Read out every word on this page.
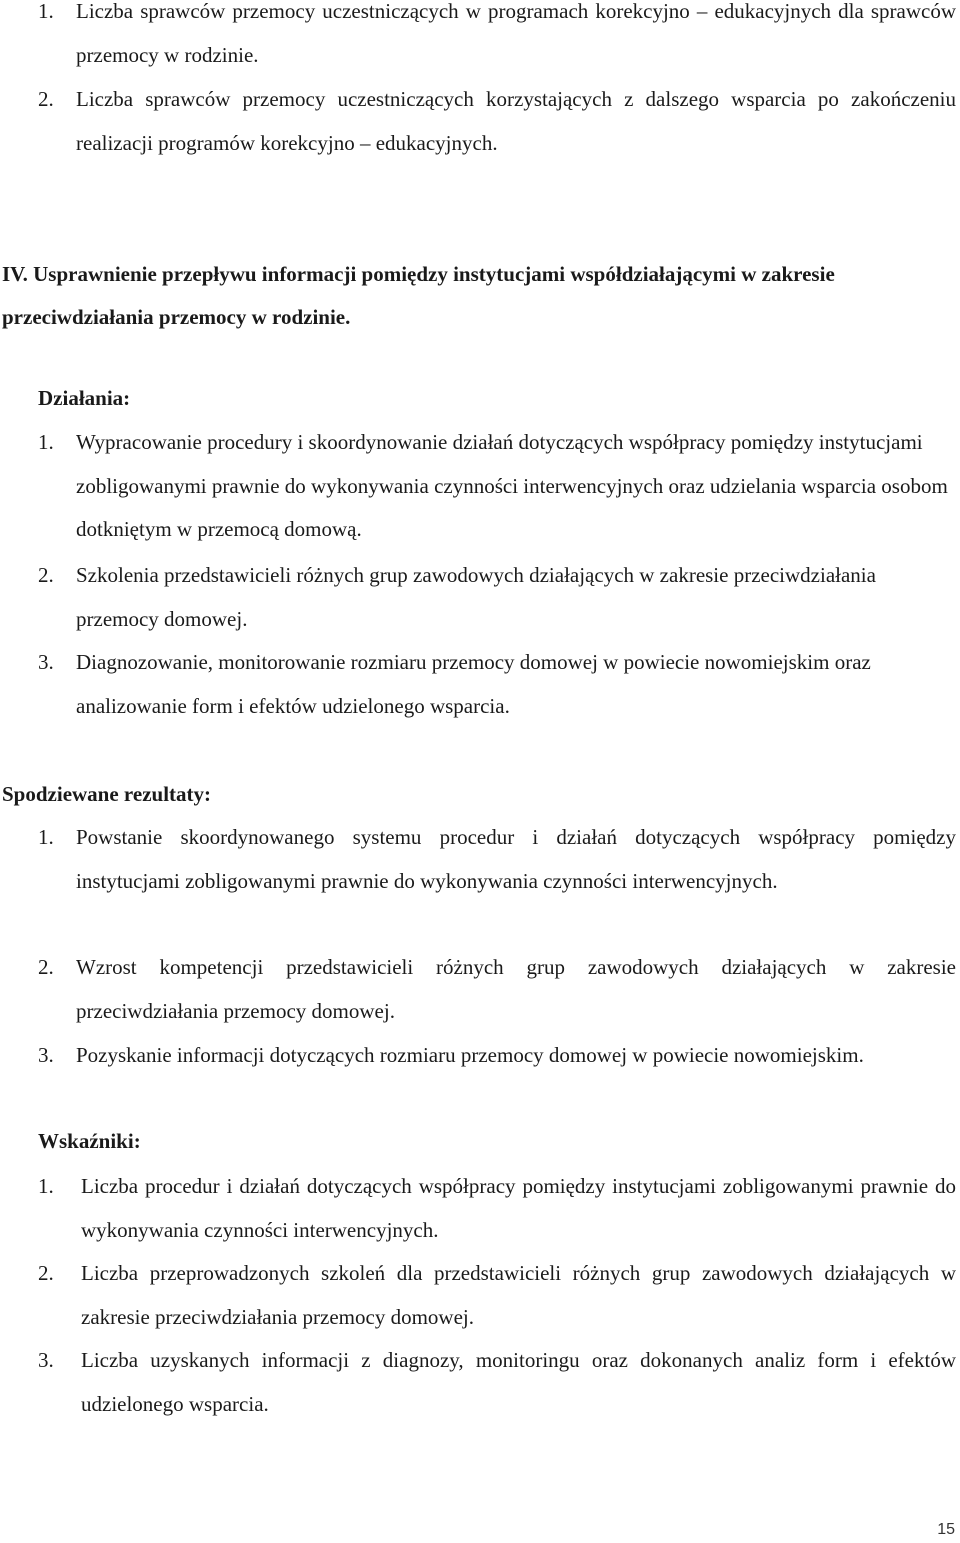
1.	Liczba sprawców przemocy uczestniczących w programach korekcyjno – edukacyjnych dla sprawców przemocy w rodzinie.
2.	Liczba sprawców przemocy uczestniczących korzystających z dalszego wsparcia po zakończeniu realizacji programów korekcyjno – edukacyjnych.
IV. Usprawnienie przepływu informacji pomiędzy instytucjami współdziałającymi w zakresie przeciwdziałania przemocy w rodzinie.
Działania:
1.	Wypracowanie procedury i skoordynowanie działań dotyczących współpracy pomiędzy instytucjami zobligowanymi prawnie do wykonywania czynności interwencyjnych oraz udzielania wsparcia osobom dotkniętym w przemocą domową.
2.	Szkolenia przedstawicieli różnych grup zawodowych działających w zakresie przeciwdziałania przemocy domowej.
3.	Diagnozowanie, monitorowanie rozmiaru przemocy domowej w powiecie nowomiejskim oraz analizowanie form i efektów udzielonego wsparcia.
Spodziewane rezultaty:
1.	Powstanie skoordynowanego systemu procedur i działań dotyczących współpracy pomiędzy instytucjami zobligowanymi prawnie do wykonywania czynności interwencyjnych.
2.	Wzrost kompetencji przedstawicieli różnych grup zawodowych działających w zakresie przeciwdziałania przemocy domowej.
3.	Pozyskanie informacji dotyczących rozmiaru przemocy domowej w powiecie nowomiejskim.
Wskaźniki:
1.	Liczba procedur i działań dotyczących współpracy pomiędzy instytucjami zobligowanymi prawnie do wykonywania czynności interwencyjnych.
2.	Liczba przeprowadzonych szkoleń dla przedstawicieli różnych grup zawodowych działających w zakresie przeciwdziałania przemocy domowej.
3.	Liczba uzyskanych informacji z diagnozy, monitoringu oraz dokonanych analiz form i efektów udzielonego wsparcia.
15
